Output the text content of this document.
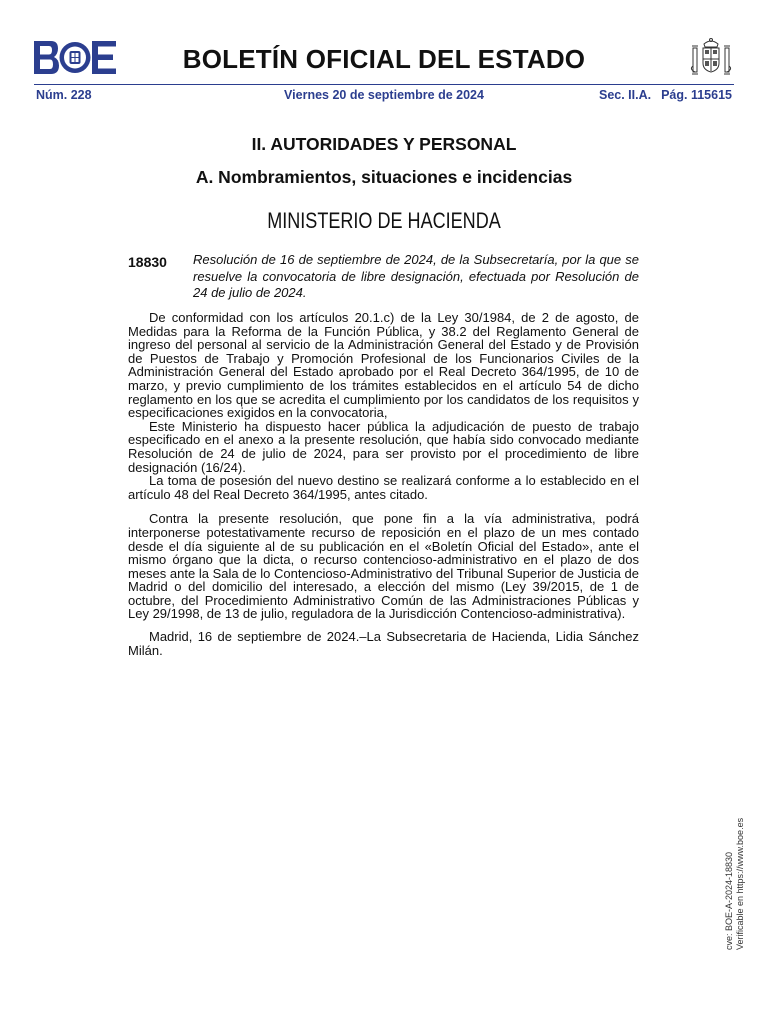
BOLETÍN OFICIAL DEL ESTADO
Núm. 228	Viernes 20 de septiembre de 2024	Sec. II.A. Pág. 115615
II. AUTORIDADES Y PERSONAL
A. Nombramientos, situaciones e incidencias
MINISTERIO DE HACIENDA
18830 Resolución de 16 de septiembre de 2024, de la Subsecretaría, por la que se resuelve la convocatoria de libre designación, efectuada por Resolución de 24 de julio de 2024.

De conformidad con los artículos 20.1.c) de la Ley 30/1984, de 2 de agosto, de Medidas para la Reforma de la Función Pública, y 38.2 del Reglamento General de ingreso del personal al servicio de la Administración General del Estado y de Provisión de Puestos de Trabajo y Promoción Profesional de los Funcionarios Civiles de la Administración General del Estado aprobado por el Real Decreto 364/1995, de 10 de marzo, y previo cumplimiento de los trámites establecidos en el artículo 54 de dicho reglamento en los que se acredita el cumplimiento por los candidatos de los requisitos y especificaciones exigidos en la convocatoria,

Este Ministerio ha dispuesto hacer pública la adjudicación de puesto de trabajo especificado en el anexo a la presente resolución, que había sido convocado mediante Resolución de 24 de julio de 2024, para ser provisto por el procedimiento de libre designación (16/24).

La toma de posesión del nuevo destino se realizará conforme a lo establecido en el artículo 48 del Real Decreto 364/1995, antes citado.

Contra la presente resolución, que pone fin a la vía administrativa, podrá interponerse potestativamente recurso de reposición en el plazo de un mes contado desde el día siguiente al de su publicación en el «Boletín Oficial del Estado», ante el mismo órgano que la dicta, o recurso contencioso-administrativo en el plazo de dos meses ante la Sala de lo Contencioso-Administrativo del Tribunal Superior de Justicia de Madrid o del domicilio del interesado, a elección del mismo (Ley 39/2015, de 1 de octubre, del Procedimiento Administrativo Común de las Administraciones Públicas y Ley 29/1998, de 13 de julio, reguladora de la Jurisdicción Contencioso-administrativa).

Madrid, 16 de septiembre de 2024.–La Subsecretaria de Hacienda, Lidia Sánchez Milán.

cve: BOE-A-2024-18830 Verificable en https://www.boe.es
